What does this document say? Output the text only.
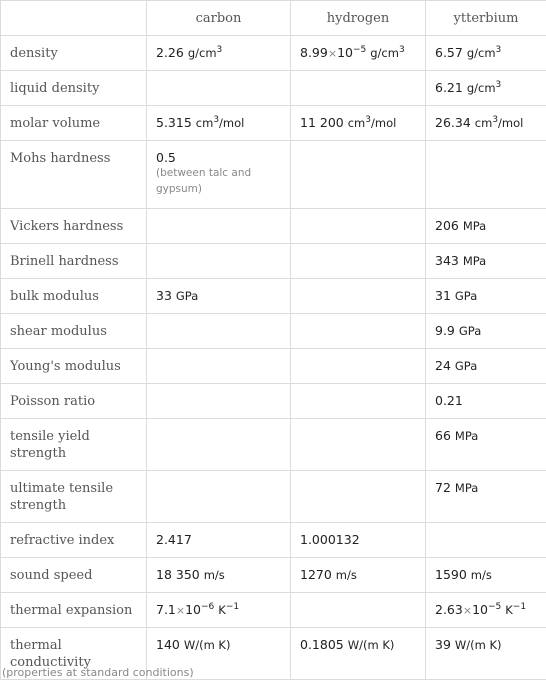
	carbon	hydrogen	ytterbium

density	2.26 $g/cm^3$	$8.99\times 10^{-5}$ $g/cm^3$	6.57 $g/cm^3$

liquid density			6.21 $g/cm^3$

molar volume	5.315 $cm^3$/mol	11 200 $cm^3$/mol	26.34 $cm^3$/mol

Mohs hardness	0.5
(between talc and gypsum)		

Vickers hardness			206 MPa

Brinell hardness			343 MPa

bulk modulus	33 GPa		31 GPa

shear modulus			9.9 GPa

Young's modulus			24 GPa

Poisson ratio			0.21

tensile yield strength			66 MPa

ultimate tensile strength			72 MPa

refractive index	2.417	1.000132	

sound speed	18 350 m/s	1270 m/s	1590 m/s

thermal expansion	$7.1\times 10^{-6}$ $K^{-1}$		$2.63\times 10^{-5}$ $K^{-1}$

thermal conductivity	140 W/(m K)	0.1805 W/(m K)	39 W/(m K)
(properties at standard conditions)
